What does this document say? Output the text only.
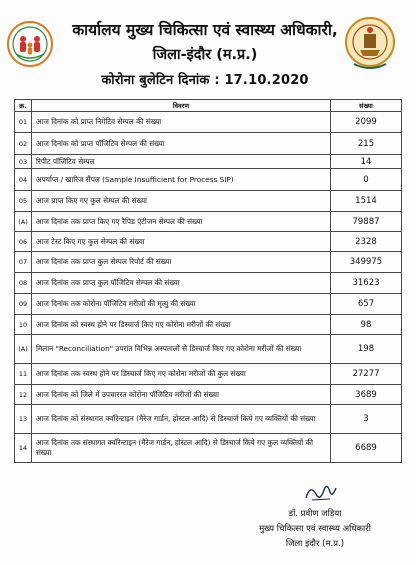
कार्यालय मुख्य चिकित्सा एवं स्वास्थ्य अधिकारी,
जिला-इंदौर (म.प्र.)
कोरोना बुलेटिन दिनांक : 17.10.2020
क्र.	विवरण	संख्या
01	आज दिनांक को प्राप्त निगेटिव सेम्पल की संख्या	2099
02	आज दिनांक को प्राप्त पॉजिटिव सेम्पल की संख्या	215
03	रिपीट पॉजिटिव सेम्पल	14
04	अपर्याप्त / खारिज सैंपल (Sample Insufficient for Process SIP)	0
05	आज प्राप्त किए गए कुल सेम्पल की संख्या	1514
(A)	आज दिनांक तक प्राप्त किए गए रैपिड एंटीजन सेम्पल की संख्या	79887
06	आज टेस्ट किए गए कुल सेम्पल की संख्या	2328
07	आज दिनांक तक प्राप्त कुल सेम्पल रिपोर्ट की संख्या	349975
08	आज दिनांक तक प्राप्त कुल पॉजिटिव सेम्पल की संख्या	31623
09	आज दिनांक तक कोरोना पॉजिटिव मरीजों की मृत्यु की संख्या	657
10	आज दिनांक को स्वस्थ होने पर डिस्चार्ज किए गए कोरोना मरीजों की संख्या	98
(A)	मिलान "Reconciliation" उपरांत विभिन्न अस्पतालों से डिस्चार्ज किए गए कोरोना मरीजों की संख्या	198
11	आज दिनांक तक स्वस्थ होने पर डिस्चार्ज किए गए कोरोना मरीजों की कुल संख्या	27277
12	आज दिनांक को जिले में उपचाररत कोरोना पॉजिटिव मरीजों की संख्या	3689
13	आज दिनांक को संस्थागत क्वॉरेन्टाइन (मैरेज गार्डन, होस्टल आदि) से डिस्चार्ज किये गए व्यक्तियों की संख्या	3
14	आज दिनांक तक संस्थागत क्वॉरेन्टाइन (मैरेज गार्डन, होस्टल आदि) से डिस्चार्ज किये गए कुल व्यक्तियों की संख्या	6689
डॉ. प्रवीण जड़िया
मुख्य चिकित्सा एवं स्वास्थ्य अधिकारी
जिला इंदौर (म.प्र.)
